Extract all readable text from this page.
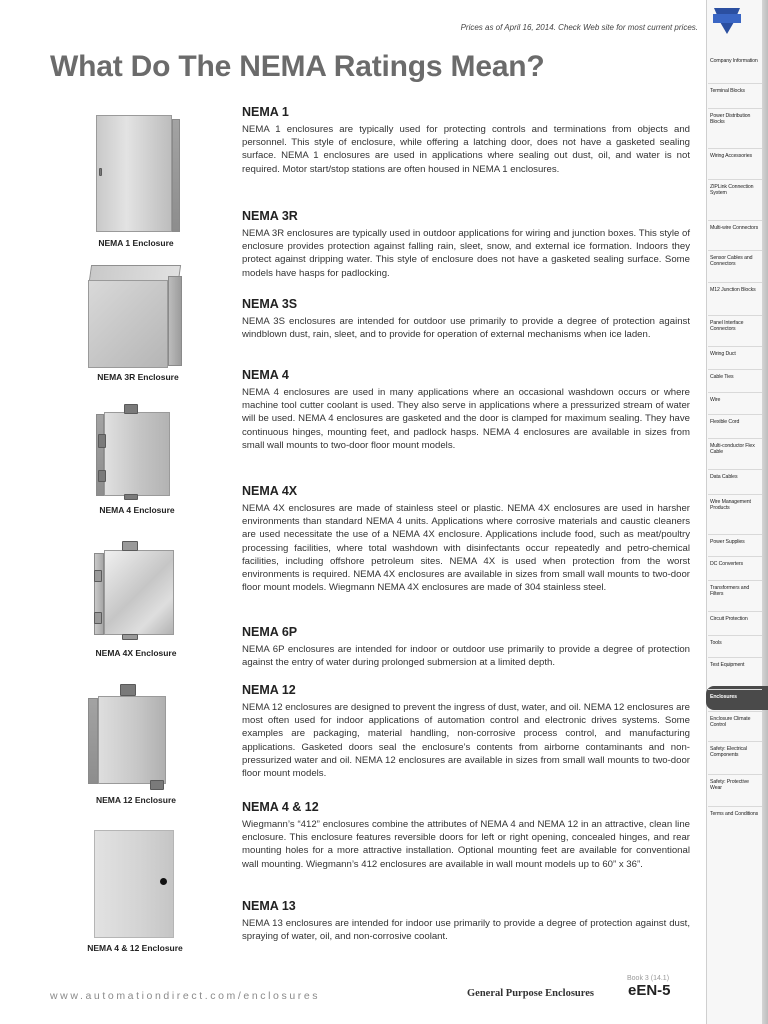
Prices as of April 16, 2014. Check Web site for most current prices.
What Do The NEMA Ratings Mean?
NEMA 1
NEMA 1 enclosures are typically used for protecting controls and terminations from objects and personnel. This style of enclosure, while offering a latching door, does not have a gasketed sealing surface. NEMA 1 enclosures are used in applications where sealing out dust, oil, and water is not required. Motor start/stop stations are often housed in NEMA 1 enclosures.
NEMA 3R
NEMA 3R enclosures are typically used in outdoor applications for wiring and junction boxes. This style of enclosure provides protection against falling rain, sleet, snow, and external ice formation. Indoors they protect against dripping water. This style of enclosure does not have a gasketed sealing surface. Some models have hasps for padlocking.
NEMA 3S
NEMA 3S enclosures are intended for outdoor use primarily to provide a degree of protection against windblown dust, rain, sleet, and to provide for operation of external mechanisms when ice laden.
NEMA 4
NEMA 4 enclosures are used in many applications where an occasional washdown occurs or where machine tool cutter coolant is used. They also serve in applications where a pressurized stream of water will be used. NEMA 4 enclosures are gasketed and the door is clamped for maximum sealing. They have continuous hinges, mounting feet, and padlock hasps. NEMA 4 enclosures are available in sizes from small wall mounts to two-door floor mount models.
NEMA 4X
NEMA 4X enclosures are made of stainless steel or plastic. NEMA 4X enclosures are used in harsher environments than standard NEMA 4 units. Applications where corrosive materials and caustic cleaners are used necessitate the use of a NEMA 4X enclosure. Applications include food, such as meat/poultry processing facilities, where total washdown with disinfectants occur repeatedly and petro-chemical facilities, including offshore petroleum sites. NEMA 4X is used when protection from the worst environments is required. NEMA 4X enclosures are available in sizes from small wall mounts to two-door floor mount models. Wiegmann NEMA 4X enclosures are made of 304 stainless steel.
NEMA 6P
NEMA 6P enclosures are intended for indoor or outdoor use primarily to provide a degree of protection against the entry of water during prolonged submersion at a limited depth.
NEMA 12
NEMA 12 enclosures are designed to prevent the ingress of dust, water, and oil. NEMA 12 enclosures are most often used for indoor applications of automation control and electronic drives systems. Some examples are packaging, material handling, non-corrosive process control, and manufacturing applications. Gasketed doors seal the enclosure’s contents from airborne contaminants and non-pressurized water and oil. NEMA 12 enclosures are available in sizes from small wall mounts to two-door floor mount models.
NEMA 4 & 12
Wiegmann’s “412” enclosures combine the attributes of NEMA 4 and NEMA 12 in an attractive, clean line enclosure. This enclosure features reversible doors for left or right opening, concealed hinges, and rear mounting holes for a more attractive installation. Optional mounting feet are available for conventional wall mounting. Wiegmann’s 412 enclosures are available in wall mount models up to 60” x 36”.
NEMA 13
NEMA 13 enclosures are intended for indoor use primarily to provide a degree of protection against dust, spraying of water, oil, and non-corrosive coolant.
NEMA 1 Enclosure
NEMA 3R Enclosure
NEMA 4 Enclosure
NEMA 4X Enclosure
NEMA 12 Enclosure
NEMA 4 & 12 Enclosure
Company Information
Terminal Blocks
Power Distribution Blocks
Wiring Accessories
ZIPLink Connection System
Multi-wire Connectors
Sensor Cables and Connectors
M12 Junction Blocks
Panel Interface Connectors
Wiring Duct
Cable Ties
Wire
Flexible Cord
Multi-conductor Flex Cable
Data Cables
Wire Management Products
Power Supplies
DC Converters
Transformers and Filters
Circuit Protection
Tools
Test Equipment
Enclosures
Enclosure Climate Control
Safety: Electrical Components
Safety: Protective Wear
Terms and Conditions
www.automationdirect.com/enclosures
Book 3 (14.1)
General Purpose Enclosures eEN-5
